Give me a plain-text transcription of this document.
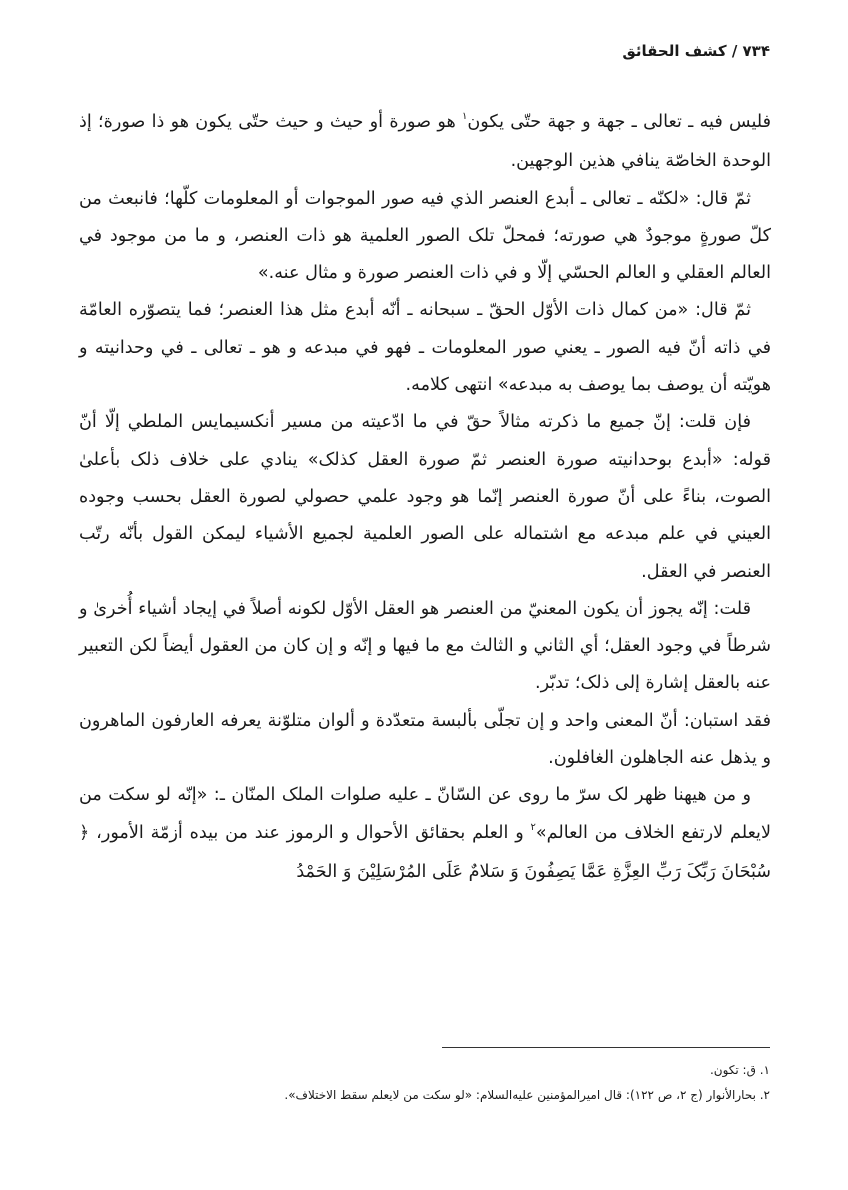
۷۳۴ / کشف الحقائق

فليس فيه ـ تعالى ـ جهة و جهة حتّى يكون$^۱$ هو صورة أو حيث و حيث حتّى يكون هو ذا صورة؛ إذ الوحدة الخاصّة ينافي هذين الوجهين.

ثمّ قال: «لكنّه ـ تعالى ـ أبدع العنصر الذي فيه صور الموجوات أو المعلومات كلّها؛ فانبعث من كلّ صورةٍ موجودٌ هي صورته؛ فمحلّ تلک الصور العلمية هو ذات العنصر، و ما من موجود في العالم العقلي و العالم الحسّي إلّا و في ذات العنصر صورة و مثال عنه.»

ثمّ قال: «من كمال ذات الأوّل الحقّ ـ سبحانه ـ أنّه أبدع مثل هذا العنصر؛ فما يتصوّره العامّة في ذاته أنّ فيه الصور ـ يعني صور المعلومات ـ فهو في مبدعه و هو ـ تعالى ـ في وحدانيته و هويّته أن يوصف بما يوصف به مبدعه» انتهى كلامه.

فإن قلت: إنّ جميع ما ذكرته مثالاً حقّ في ما ادّعيته من مسير أنكسيمايس الملطي إلّا أنّ قوله: «أبدع بوحدانيته صورة العنصر ثمّ صورة العقل كذلک» ينادي على خلاف ذلک بأعلىٰ الصوت، بناءً على أنّ صورة العنصر إنّما هو وجود علمي حصولي لصورة العقل بحسب وجوده العيني في علم مبدعه مع اشتماله على الصور العلمية لجميع الأشياء ليمكن القول بأنّه رتّب العنصر في العقل.

قلت: إنّه يجوز أن يكون المعنيّ من العنصر هو العقل الأوّل لكونه أصلاً في إيجاد أشياء أُخرىٰ و شرطاً في وجود العقل؛ أي الثاني و الثالث مع ما فيها و إنّه و إن كان من العقول أيضاً لكن التعبير عنه بالعقل إشارة إلى ذلک؛ تدبّر.

فقد استبان: أنّ المعنى واحد و إن تجلّى بألبسة متعدّدة و ألوان متلوّنة يعرفه العارفون الماهرون و يذهل عنه الجاهلون الغافلون.

و من هيهنا ظهر لک سرّ ما روى عن السّانّ ـ عليه صلوات الملک المنّان ـ: «إنّه لو سكت من لايعلم لارتفع الخلاف من العالم»$^۲$ و العلم بحقائق الأحوال و الرموز عند من بيده أزمّة الأمور، ﴿ سُبْحَانَ رَبِّکَ رَبِّ العِزَّةِ عَمَّا يَصِفُونَ وَ سَلامٌ عَلَى المُرْسَلِيْنَ وَ الحَمْدُ

۱. ق: تكون.
۲. بحارالأنوار (ج ۲، ص ۱۲۲): قال اميرالمؤمنين عليه‌السلام: «لو سكت من لايعلم سقط الاختلاف».
